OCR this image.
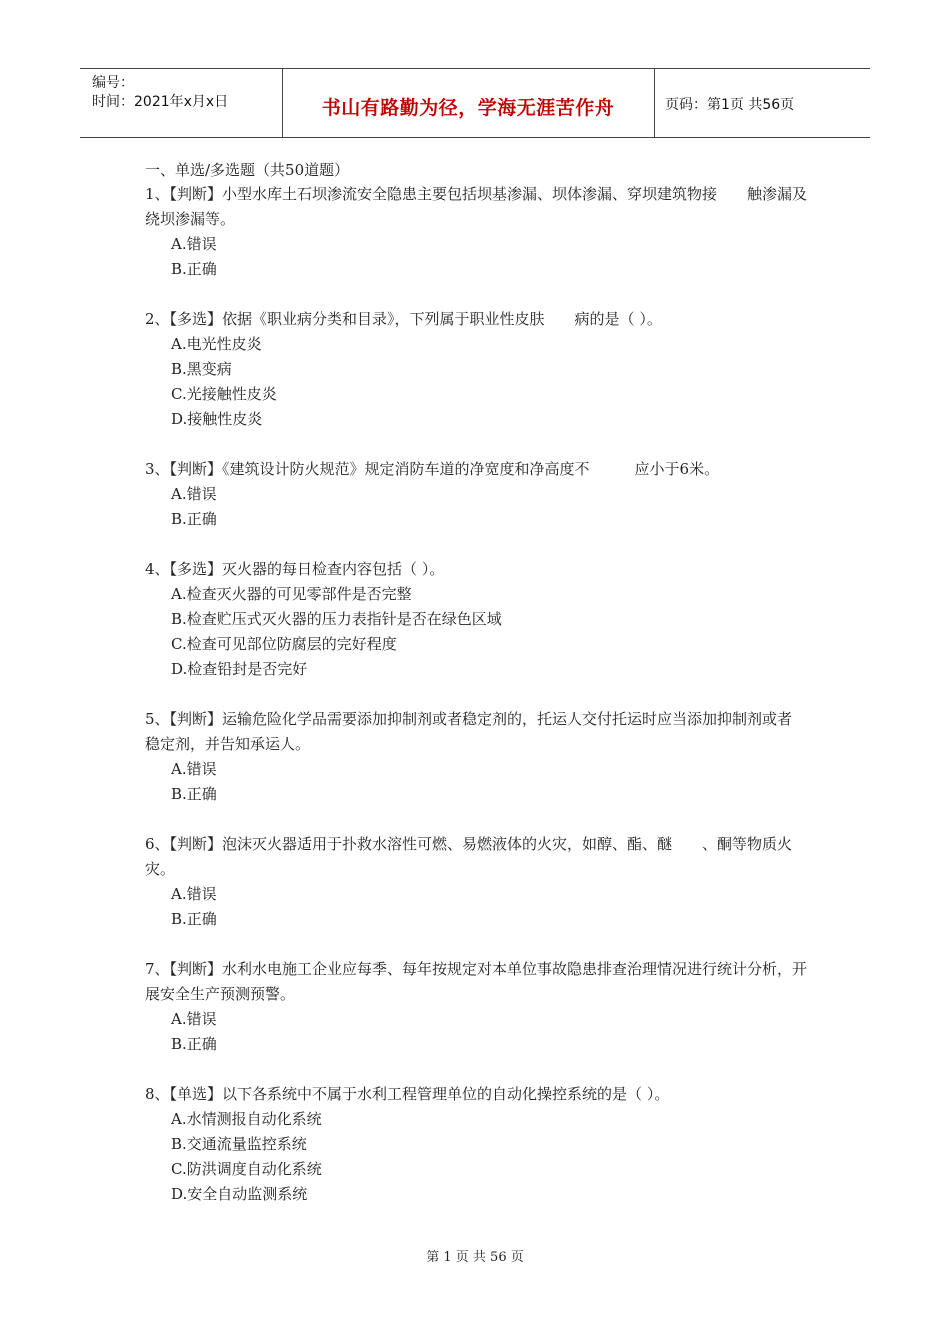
编号：
时间：2021年x月x日	书山有路勤为径，学海无涯苦作舟	页码：第1页 共56页

一、单选/多选题（共50道题）

1、【判断】小型水库土石坝渗流安全隐患主要包括坝基渗漏、坝体渗漏、穿坝建筑物接　　触渗漏及绕坝渗漏等。

A.错误

B.正确

2、【多选】依据《职业病分类和目录》，下列属于职业性皮肤　　病的是（ ）。

A.电光性皮炎

B.黑变病

C.光接触性皮炎

D.接触性皮炎

3、【判断】《建筑设计防火规范》规定消防车道的净宽度和净高度不　　　应小于6米。

A.错误

B.正确

4、【多选】灭火器的每日检查内容包括（ ）。

A.检查灭火器的可见零部件是否完整

B.检查贮压式灭火器的压力表指针是否在绿色区域

C.检查可见部位防腐层的完好程度

D.检查铅封是否完好

5、【判断】运输危险化学品需要添加抑制剂或者稳定剂的，托运人交付托运时应当添加抑制剂或者　　稳定剂，并告知承运人。

A.错误

B.正确

6、【判断】泡沫灭火器适用于扑救水溶性可燃、易燃液体的火灾，如醇、酯、醚　　、酮等物质火灾。

A.错误

B.正确

7、【判断】水利水电施工企业应每季、每年按规定对本单位事故隐患排查治理情况进行统计分析，开展安全生产预测预警。

A.错误

B.正确

8、【单选】以下各系统中不属于水利工程管理单位的自动化操控系统的是（ ）。

A.水情测报自动化系统

B.交通流量监控系统

C.防洪调度自动化系统

D.安全自动监测系统

第 1 页 共 56 页
